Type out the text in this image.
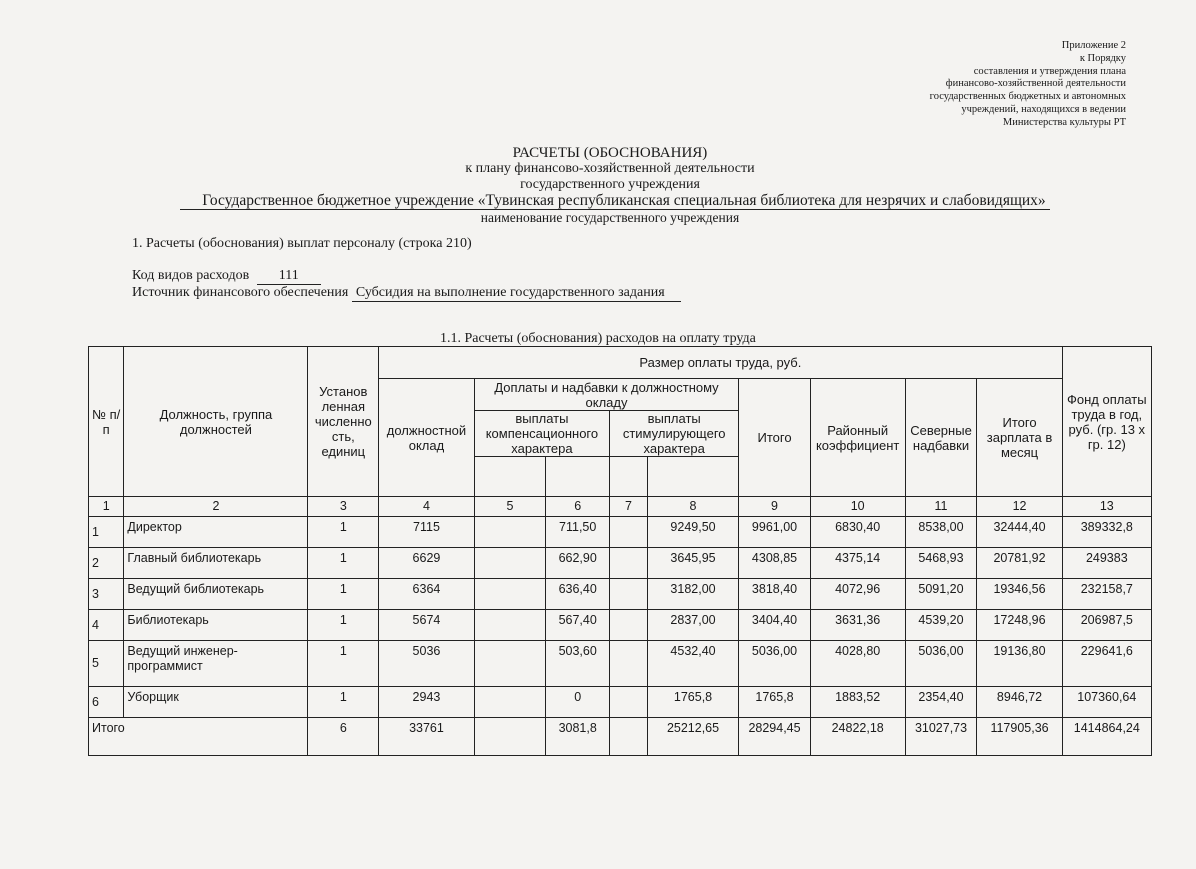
Приложение 2
к Порядку
составления и утверждения плана
финансово-хозяйственной деятельности
государственных бюджетных и автономных
учреждений, находящихся в ведении
Министерства культуры РТ
РАСЧЕТЫ (ОБОСНОВАНИЯ)
к плану финансово-хозяйственной деятельности
государственного учреждения
Государственное бюджетное учреждение «Тувинская республиканская специальная библиотека для незрячих и слабовидящих»
наименование государственного учреждения
1. Расчеты (обоснования) выплат персоналу (строка 210)
Код видов расходов 111
Источник финансового обеспечения Субсидия на выполнение государственного задания
1.1. Расчеты (обоснования) расходов на оплату труда
№ п/п	Должность, группа должностей	Установ ленная численно сть, единиц	Размер оплаты труда, руб.									Фонд оплаты труда в год, руб. (гр. 13 х гр. 12)
			должностной оклад	Доплаты и надбавки к должностному окладу				Итого	Районный коэффициент	Северные надбавки	Итого зарплата в месяц	
				выплаты компенсационного характера		выплаты стимулирующего характера						

1	2	3	4	5	6	7	8	9	10	11	12	13
1	Директор	1	7115		711,50		9249,50	9961,00	6830,40	8538,00	32444,40	389332,8
2	Главный библиотекарь	1	6629		662,90		3645,95	4308,85	4375,14	5468,93	20781,92	249383
3	Ведущий библиотекарь	1	6364		636,40		3182,00	3818,40	4072,96	5091,20	19346,56	232158,7
4	Библиотекарь	1	5674		567,40		2837,00	3404,40	3631,36	4539,20	17248,96	206987,5
5	Ведущий инженер-программист	1	5036		503,60		4532,40	5036,00	4028,80	5036,00	19136,80	229641,6
6	Уборщик	1	2943		0		1765,8	1765,8	1883,52	2354,40	8946,72	107360,64
Итого		6	33761		3081,8		25212,65	28294,45	24822,18	31027,73	117905,36	1414864,24
